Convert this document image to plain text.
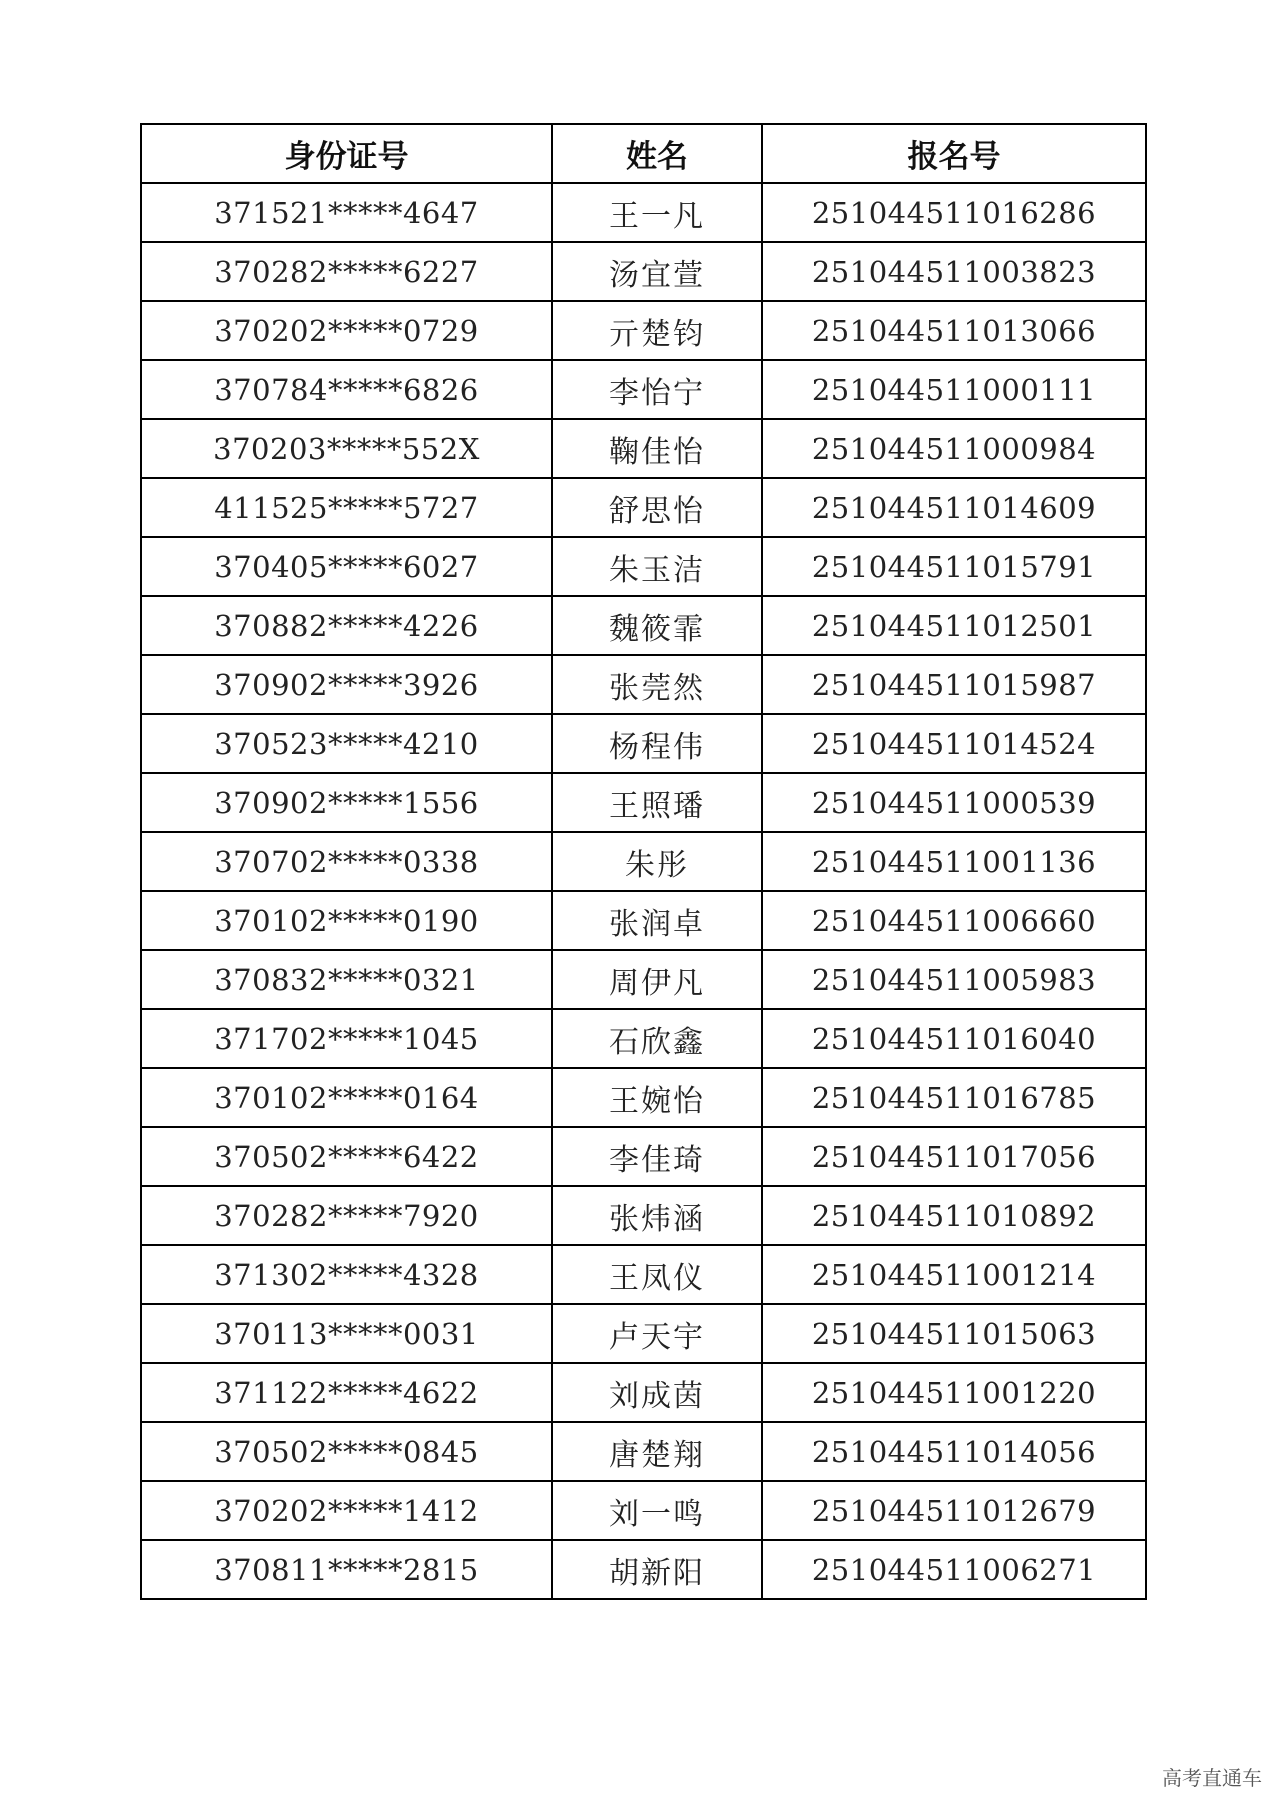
身份证号	姓名	报名号
371521*****4647	王一凡	251044511016286
370282*****6227	汤宜萱	251044511003823
370202*****0729	亓楚钧	251044511013066
370784*****6826	李怡宁	251044511000111
370203*****552X	鞠佳怡	251044511000984
411525*****5727	舒思怡	251044511014609
370405*****6027	朱玉洁	251044511015791
370882*****4226	魏筱霏	251044511012501
370902*****3926	张莞然	251044511015987
370523*****4210	杨程伟	251044511014524
370902*****1556	王照璠	251044511000539
370702*****0338	朱彤	251044511001136
370102*****0190	张润卓	251044511006660
370832*****0321	周伊凡	251044511005983
371702*****1045	石欣鑫	251044511016040
370102*****0164	王婉怡	251044511016785
370502*****6422	李佳琦	251044511017056
370282*****7920	张炜涵	251044511010892
371302*****4328	王凤仪	251044511001214
370113*****0031	卢天宇	251044511015063
371122*****4622	刘成茵	251044511001220
370502*****0845	唐楚翔	251044511014056
370202*****1412	刘一鸣	251044511012679
370811*****2815	胡新阳	251044511006271
高考直通车
